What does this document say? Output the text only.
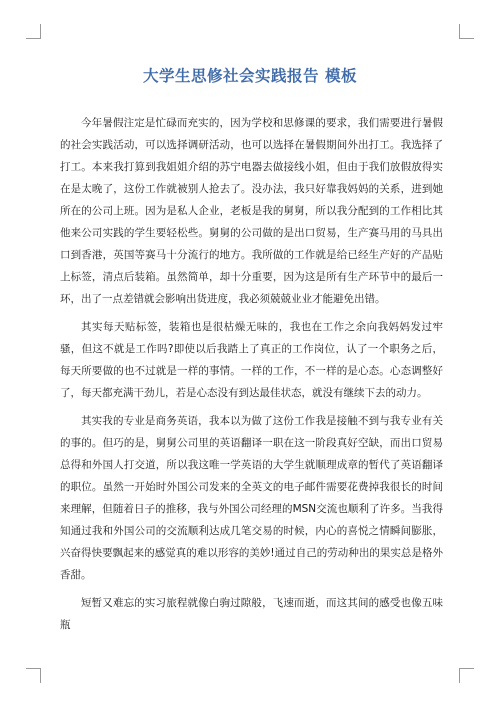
大学生思修社会实践报告 模板

今年暑假注定是忙碌而充实的，因为学校和思修课的要求，我们需要进行暑假的社会实践活动，可以选择调研活动，也可以选择在暑假期间外出打工。我选择了打工。本来我打算到我姐姐介绍的苏宁电器去做接线小姐，但由于我们放假放得实在是太晚了，这份工作就被别人抢去了。没办法，我只好靠我妈妈的关系，进到她所在的公司上班。因为是私人企业，老板是我的舅舅，所以我分配到的工作相比其他来公司实践的学生要轻松些。舅舅的公司做的是出口贸易，生产赛马用的马具出口到香港，英国等赛马十分流行的地方。我所做的工作就是给已经生产好的产品贴上标签，清点后装箱。虽然简单，却十分重要，因为这是所有生产环节中的最后一环，出了一点差错就会影响出货进度，我必须兢兢业业才能避免出错。

其实每天贴标签，装箱也是很枯燥无味的，我也在工作之余向我妈妈发过牢骚，但这不就是工作吗?即使以后我踏上了真正的工作岗位，认了一个职务之后，每天所要做的也不过就是一样的事情。一样的工作，不一样的是心态。心态调整好了，每天都充满干劲儿，若是心态没有到达最佳状态，就没有继续下去的动力。

其实我的专业是商务英语，我本以为做了这份工作我是接触不到与我专业有关的事的。但巧的是，舅舅公司里的英语翻译一职在这一阶段真好空缺，而出口贸易总得和外国人打交道，所以我这唯一学英语的大学生就顺理成章的暂代了英语翻译的职位。虽然一开始时外国公司发来的全英文的电子邮件需要花费掉我很长的时间来理解，但随着日子的推移，我与外国公司经理的MSN交流也顺利了许多。当我得知通过我和外国公司的交流顺利达成几笔交易的时候，内心的喜悦之情瞬间膨胀，兴奋得快要飘起来的感觉真的难以形容的美妙!通过自己的劳动种出的果实总是格外香甜。

短暂又难忘的实习旅程就像白驹过隙般，飞速而逝，而这其间的感受也像五味瓶
